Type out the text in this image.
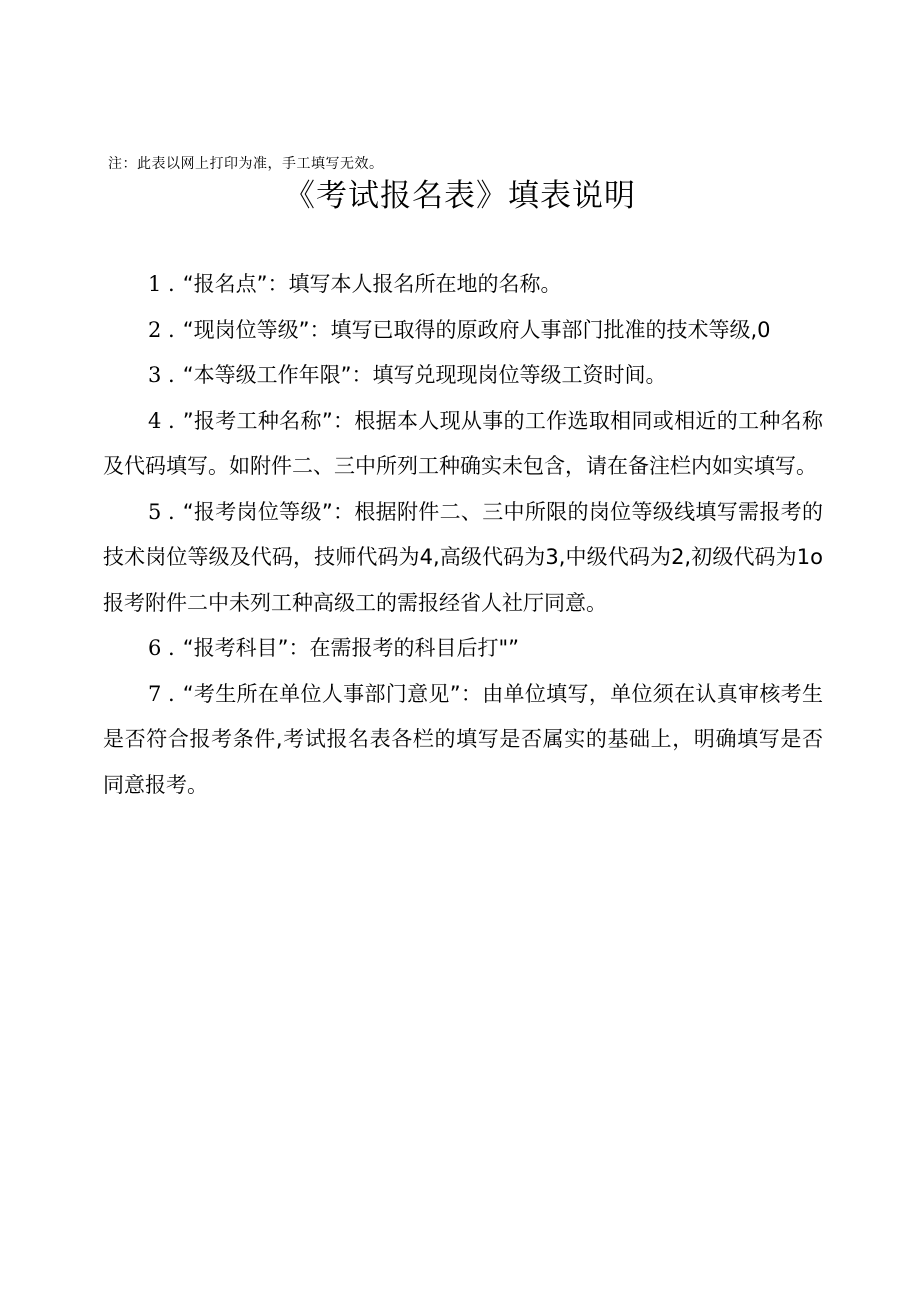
注：此表以网上打印为准，手工填写无效。
《考试报名表》填表说明

1 . “报名点”：填写本人报名所在地的名称。

2 . “现岗位等级”：填写已取得的原政府人事部门批准的技术等级,0

3 . “本等级工作年限”：填写兑现现岗位等级工资时间。

4 . ”报考工种名称”：根据本人现从事的工作选取相同或相近的工种名称及代码填写。如附件二、三中所列工种确实未包含，请在备注栏内如实填写。

5 . “报考岗位等级”：根据附件二、三中所限的岗位等级线填写需报考的技术岗位等级及代码，技师代码为4,高级代码为3,中级代码为2,初级代码为1o报考附件二中未列工种高级工的需报经省人社厅同意。

6 . “报考科目”：在需报考的科目后打"”

7 . “考生所在单位人事部门意见”：由单位填写，单位须在认真审核考生是否符合报考条件,考试报名表各栏的填写是否属实的基础上，明确填写是否同意报考。
